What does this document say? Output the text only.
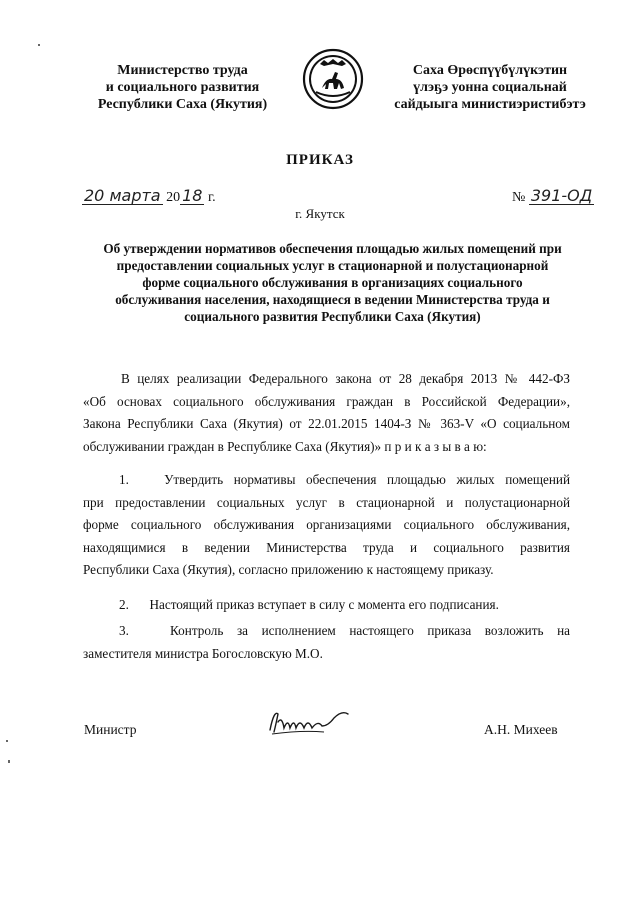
Министерство труда
и социального развития
Республики Саха (Якутия)
Саха Өрөспүүбүлүкэтин
үлэҕэ уонна социальнай
сайдыыга министиэристибэтэ
ПРИКАЗ
20 марта 20 18 г.	№ 391-ОД
г. Якутск
Об утверждении нормативов обеспечения площадью жилых помещений при
предоставлении социальных услуг в стационарной и полустационарной
форме социального обслуживания в организациях социального
обслуживания населения, находящиеся в ведении Министерства труда и
социального развития Республики Саха (Якутия)
В целях реализации Федерального закона от 28 декабря 2013 № 442-ФЗ
«Об основах социального обслуживания граждан в Российской Федерации»,
Закона Республики Саха (Якутия) от 22.01.2015 1404-З № 363-V «О социальном
обслуживании граждан в Республике Саха (Якутия)» п р и к а з ы в а ю:
1.	Утвердить нормативы обеспечения площадью жилых помещений
при предоставлении социальных услуг в стационарной и полустационарной
форме социального обслуживания организациями социального обслуживания,
находящимися в ведении Министерства труда и социального развития
Республики Саха (Якутия), согласно приложению к настоящему приказу.
2. Настоящий приказ вступает в силу с момента его подписания.
3.	Контроль за исполнением настоящего приказа возложить на
заместителя министра Богословскую М.О.
Министр	А.Н. Михеев
